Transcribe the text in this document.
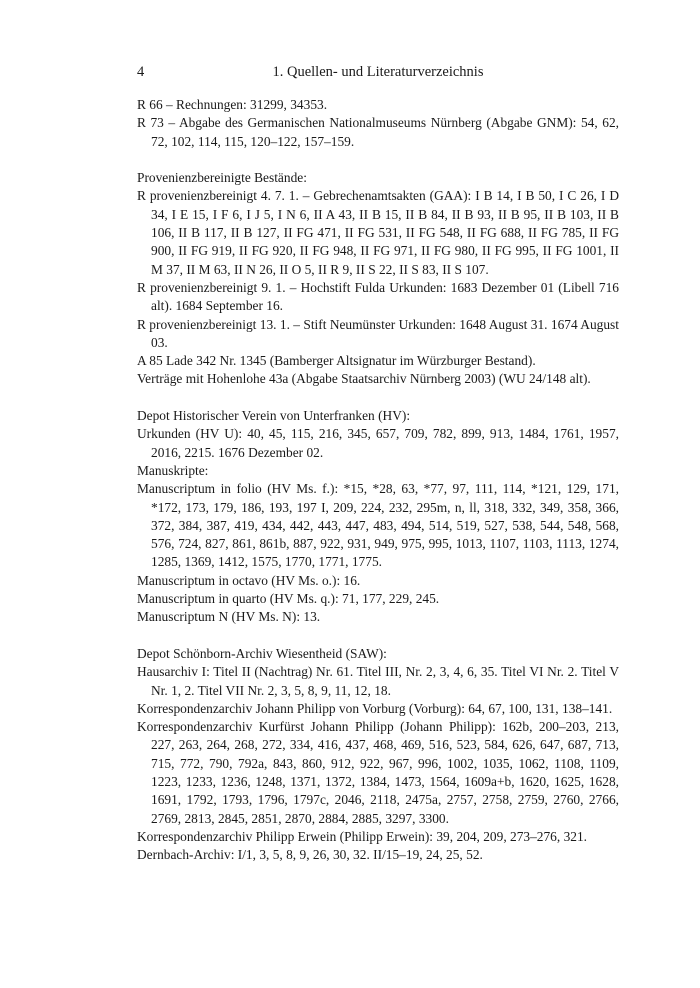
4	1. Quellen- und Literaturverzeichnis

R 66 – Rechnungen: 31299, 34353.

R 73 – Abgabe des Germanischen Nationalmuseums Nürnberg (Abgabe GNM): 54, 62, 72, 102, 114, 115, 120–122, 157–159.

Provenienzbereinigte Bestände:

R provenienzbereinigt 4. 7. 1. – Gebrechenamtsakten (GAA): I B 14, I B 50, I C 26, I D 34, I E 15, I F 6, I J 5, I N 6, II A 43, II B 15, II B 84, II B 93, II B 95, II B 103, II B 106, II B 117, II B 127, II FG 471, II FG 531, II FG 548, II FG 688, II FG 785, II FG 900, II FG 919, II FG 920, II FG 948, II FG 971, II FG 980, II FG 995, II FG 1001, II M 37, II M 63, II N 26, II O 5, II R 9, II S 22, II S 83, II S 107.

R provenienzbereinigt 9. 1. – Hochstift Fulda Urkunden: 1683 Dezember 01 (Libell 716 alt). 1684 September 16.

R provenienzbereinigt 13. 1. – Stift Neumünster Urkunden: 1648 August 31. 1674 August 03.

A 85 Lade 342 Nr. 1345 (Bamberger Altsignatur im Würzburger Bestand).

Verträge mit Hohenlohe 43a (Abgabe Staatsarchiv Nürnberg 2003) (WU 24/148 alt).

Depot Historischer Verein von Unterfranken (HV):

Urkunden (HV U): 40, 45, 115, 216, 345, 657, 709, 782, 899, 913, 1484, 1761, 1957, 2016, 2215. 1676 Dezember 02.

Manuskripte:

Manuscriptum in folio (HV Ms. f.): *15, *28, 63, *77, 97, 111, 114, *121, 129, 171, *172, 173, 179, 186, 193, 197 I, 209, 224, 232, 295m, n, ll, 318, 332, 349, 358, 366, 372, 384, 387, 419, 434, 442, 443, 447, 483, 494, 514, 519, 527, 538, 544, 548, 568, 576, 724, 827, 861, 861b, 887, 922, 931, 949, 975, 995, 1013, 1107, 1103, 1113, 1274, 1285, 1369, 1412, 1575, 1770, 1771, 1775.

Manuscriptum in octavo (HV Ms. o.): 16.

Manuscriptum in quarto (HV Ms. q.): 71, 177, 229, 245.

Manuscriptum N (HV Ms. N): 13.

Depot Schönborn-Archiv Wiesentheid (SAW):

Hausarchiv I: Titel II (Nachtrag) Nr. 61. Titel III, Nr. 2, 3, 4, 6, 35. Titel VI Nr. 2. Titel V Nr. 1, 2. Titel VII Nr. 2, 3, 5, 8, 9, 11, 12, 18.

Korrespondenzarchiv Johann Philipp von Vorburg (Vorburg): 64, 67, 100, 131, 138–141.

Korrespondenzarchiv Kurfürst Johann Philipp (Johann Philipp): 162b, 200–203, 213, 227, 263, 264, 268, 272, 334, 416, 437, 468, 469, 516, 523, 584, 626, 647, 687, 713, 715, 772, 790, 792a, 843, 860, 912, 922, 967, 996, 1002, 1035, 1062, 1108, 1109, 1223, 1233, 1236, 1248, 1371, 1372, 1384, 1473, 1564, 1609a+b, 1620, 1625, 1628, 1691, 1792, 1793, 1796, 1797c, 2046, 2118, 2475a, 2757, 2758, 2759, 2760, 2766, 2769, 2813, 2845, 2851, 2870, 2884, 2885, 3297, 3300.

Korrespondenzarchiv Philipp Erwein (Philipp Erwein): 39, 204, 209, 273–276, 321.

Dernbach-Archiv: I/1, 3, 5, 8, 9, 26, 30, 32. II/15–19, 24, 25, 52.
